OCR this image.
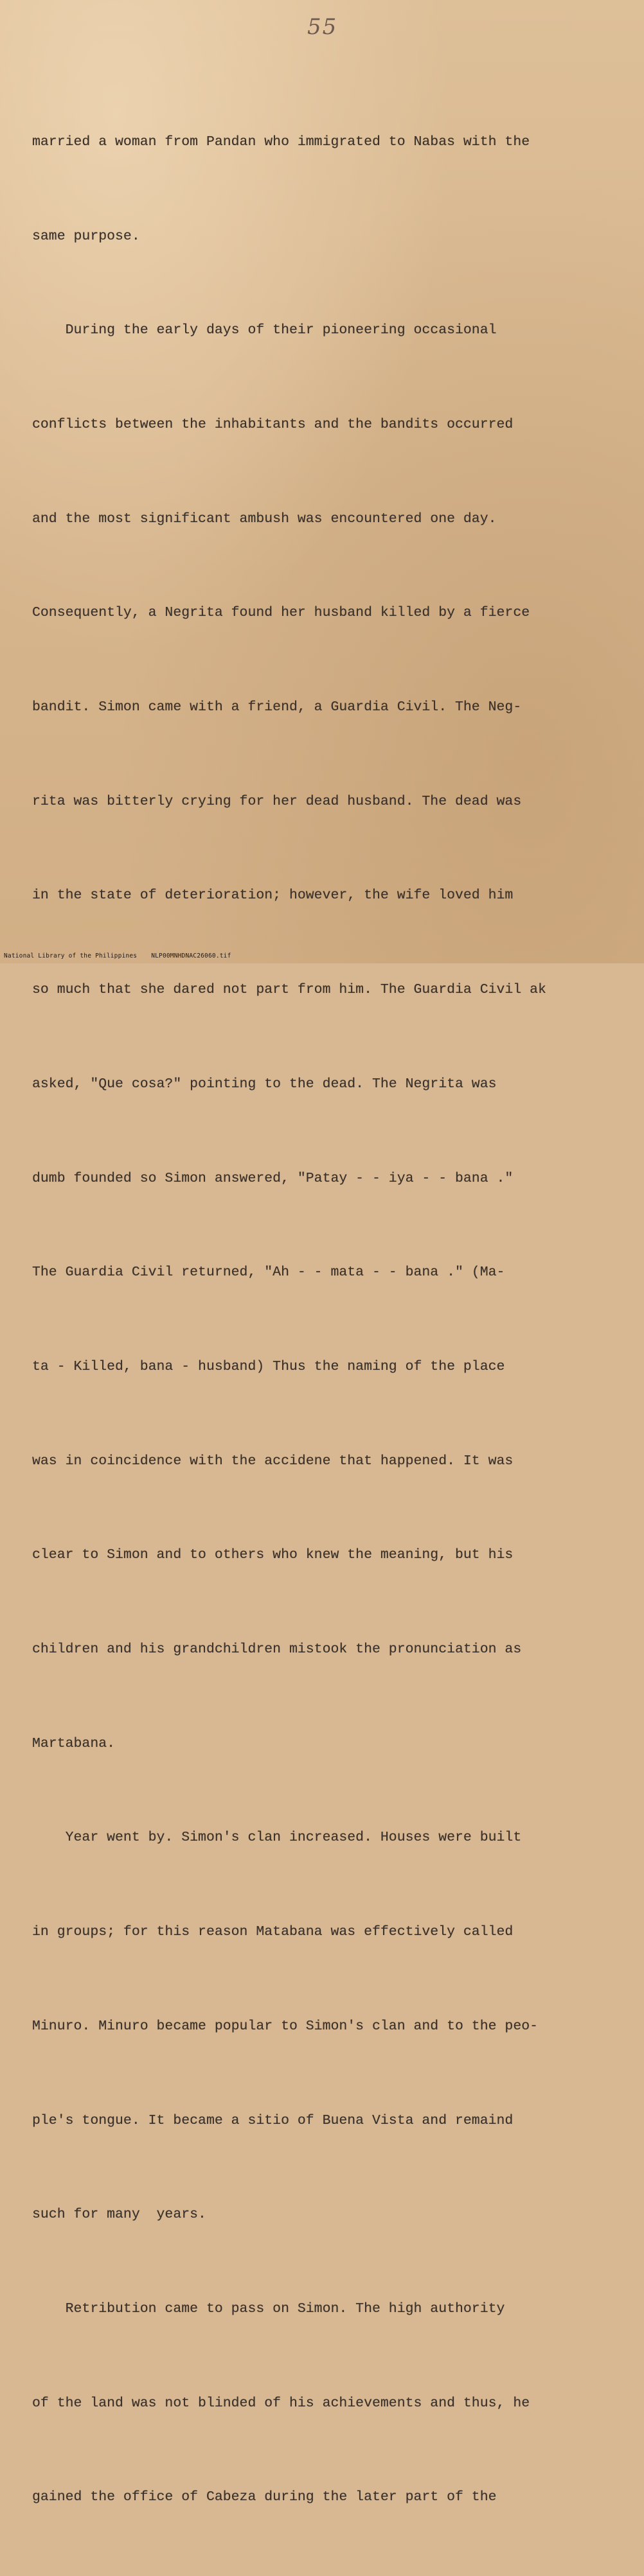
55

married a woman from Pandan who immigrated to Nabas with the

same purpose.

During the early days of their pioneering occasional

conflicts between the inhabitants and the bandits occurred

and the most significant ambush was encountered one day.

Consequently, a Negrita found her husband killed by a fierce

bandit. Simon came with a friend, a Guardia Civil. The Neg-

rita was bitterly crying for her dead husband. The dead was

in the state of deterioration; however, the wife loved him

so much that she dared not part from him. The Guardia Civil ak

asked, "Que cosa?" pointing to the dead. The Negrita was

dumb founded so Simon answered, "Patay - - iya - - bana ."

The Guardia Civil returned, "Ah - - mata - - bana ." (Ma-

ta - Killed, bana - husband) Thus the naming of the place

was in coincidence with the accidene that happened. It was

clear to Simon and to others who knew the meaning, but his

children and his grandchildren mistook the pronunciation as

Martabana.

Year went by. Simon's clan increased. Houses were built

in groups; for this reason Matabana was effectively called

Minuro. Minuro became popular to Simon's clan and to the peo-

ple's tongue. It became a sitio of Buena Vista and remaind

such for many  years.

Retribution came to pass on Simon. The high authority

of the land was not blinded of his achievements and thus, he

gained the office of Cabeza during the later part of the

National Library of the Philippines NLP00MNHDNAC26060.tif
